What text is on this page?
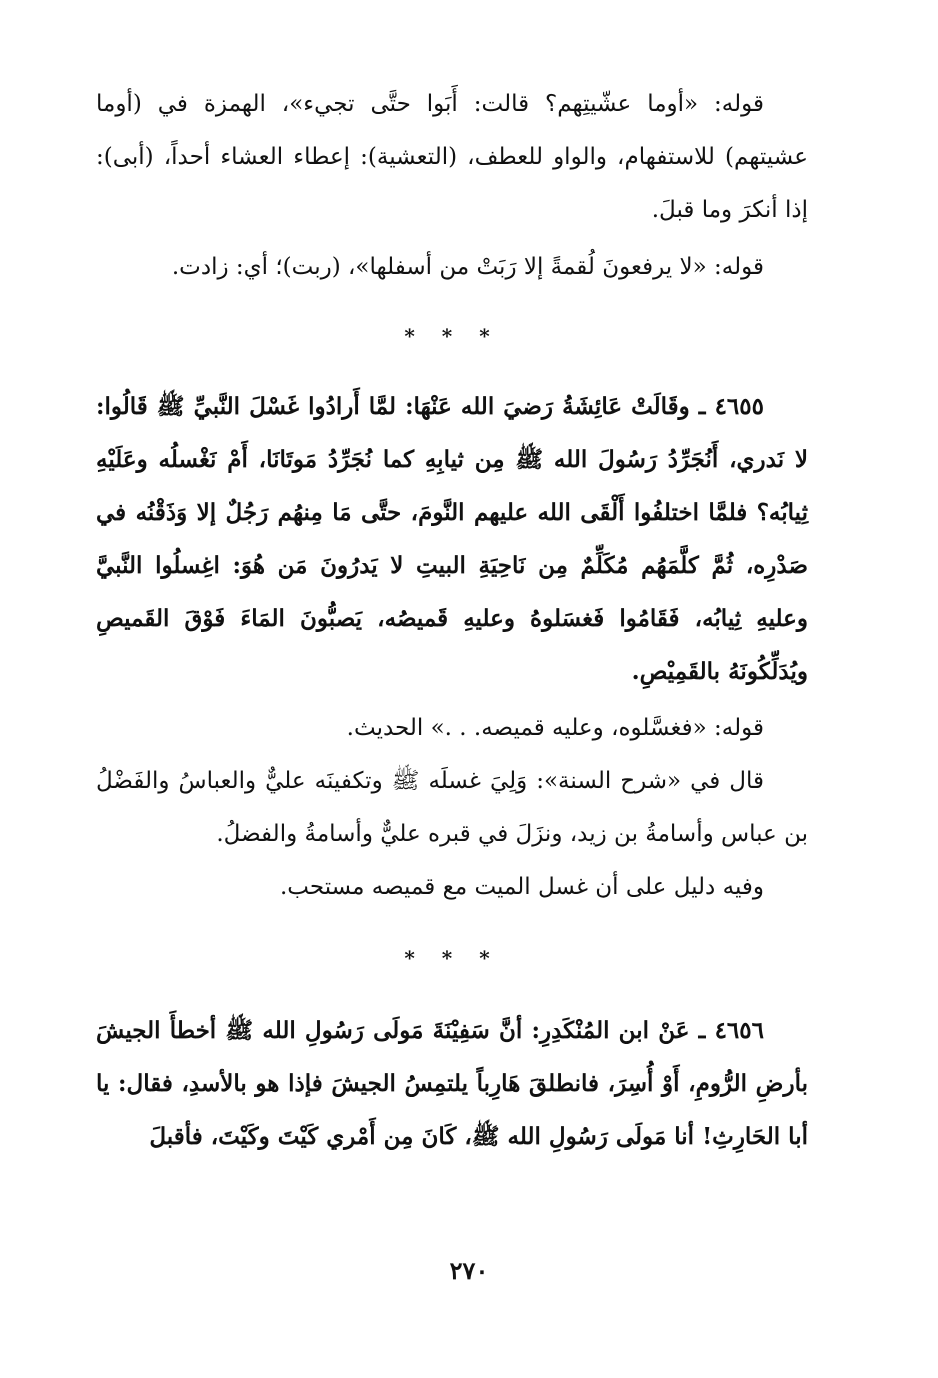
قوله: «أوما عشّيتِهم؟ قالت: أَبَوا حتَّى تجيء»، الهمزة في (أوما عشيتهم) للاستفهام، والواو للعطف، (التعشية): إعطاء العشاء أحداً، (أبى): إذا أنكرَ وما قبلَ.

قوله: «لا يرفعونَ لُقمةً إلا رَبَتْ من أسفلها»، (ربت)؛ أي: زادت.

* * *

٤٦٥٥ ـ وقَالَتْ عَائِشَةُ رَضيَ الله عَنْهَا: لمَّا أَرادُوا غَسْلَ النَّبيِّ ﷺ قَالُوا: لا نَدري، أَنُجَرِّدُ رَسُولَ الله ﷺ مِن ثيابِهِ كما نُجَرِّدُ مَوتَانَا، أَمْ نَغْسلُه وعَلَيْهِ ثِيابُه؟ فلمَّا اختلفُوا أَلْقَى الله عليهم النَّومَ، حتَّى مَا مِنهُم رَجُلٌ إلا وَذَقْنُه في صَدْرِه، ثُمَّ كلَّمَهُم مُكَلِّمٌ مِن نَاحِيَةِ البيتِ لا يَدرُونَ مَن هُوَ: اغِسلُوا النَّبيَّ وعليهِ ثِيابُه، فَقَامُوا فَغسَلوهُ وعليهِ قَميصُه، يَصبُّونَ المَاءَ فَوْقَ القَميصِ ويُدَلِّكُونَهُ بالقَمِيْصِ.

قوله: «فغسَّلوه، وعليه قميصه. . .» الحديث.

قال في «شرح السنة»: وَلِيَ غسلَه ﷺ وتكفينَه عليٌّ والعباسُ والفَضْلُ بن عباس وأسامةُ بن زيد، ونزَلَ في قبره عليٌّ وأسامةُ والفضلُ.

وفيه دليل على أن غسل الميت مع قميصه مستحب.

* * *

٤٦٥٦ ـ عَنْ ابن المُنْكَدِرِ: أنَّ سَفِيْنَةَ مَولَى رَسُولِ الله ﷺ أخطأَ الجيشَ بأرضِ الرُّومِ، أَوْ أُسِرَ، فانطلقَ هَارِباً يلتمِسُ الجيشَ فإذا هو بالأسدِ، فقال: يا أبا الحَارِثِ! أنا مَولَى رَسُولِ الله ﷺ، كَانَ مِن أَمْري كَيْتَ وكَيْتَ، فأقبلَ

٢٧٠
